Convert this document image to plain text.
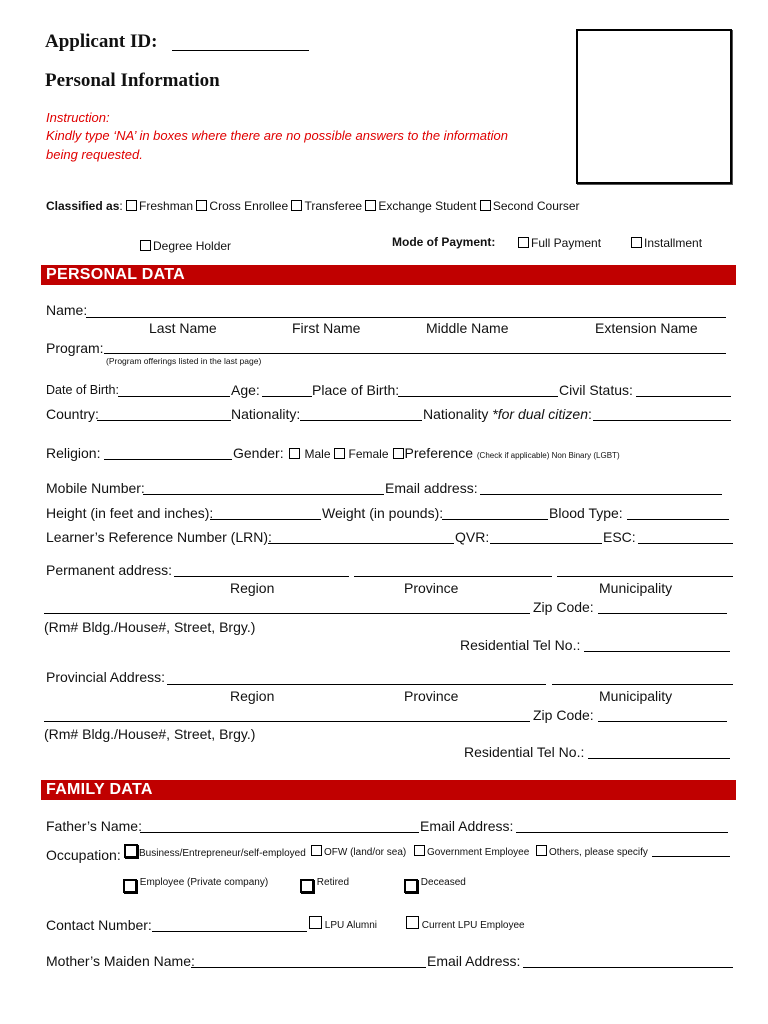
Applicant ID:
Personal Information
Instruction:
Kindly type ‘NA’ in boxes where there are no possible answers to the information
being requested.
Classified as: Freshman Cross Enrollee Transferee Exchange Student Second Courser
Degree Holder	Mode of Payment:	Full Payment	Installment
PERSONAL DATA
Name:
Last Name	First Name	Middle Name	Extension Name
Program:
(Program offerings listed in the last page)
Date of Birth:	Age:	Place of Birth:	Civil Status:
Country:	Nationality:	Nationality *for dual citizen:
Religion:	Gender: Male Female Preference (Check if applicable) Non Binary (LGBT)
Mobile Number:	Email address:
Height (in feet and inches):	Weight (in pounds):	Blood Type:
Learner’s Reference Number (LRN):	QVR:	ESC:
Permanent address:
Region	Province	Municipality
Zip Code:
(Rm# Bldg./House#, Street, Brgy.)
Residential Tel No.:
Provincial Address:
Region	Province	Municipality
Zip Code:
(Rm# Bldg./House#, Street, Brgy.)
Residential Tel No.:
FAMILY DATA
Father’s Name:	Email Address:
Occupation:	Business/Entrepreneur/self-employed	OFW (land/or sea)	Government Employee	Others, please specify
Employee (Private company)	Retired	Deceased
Contact Number:	LPU Alumni	Current LPU Employee
Mother’s Maiden Name:	Email Address:
